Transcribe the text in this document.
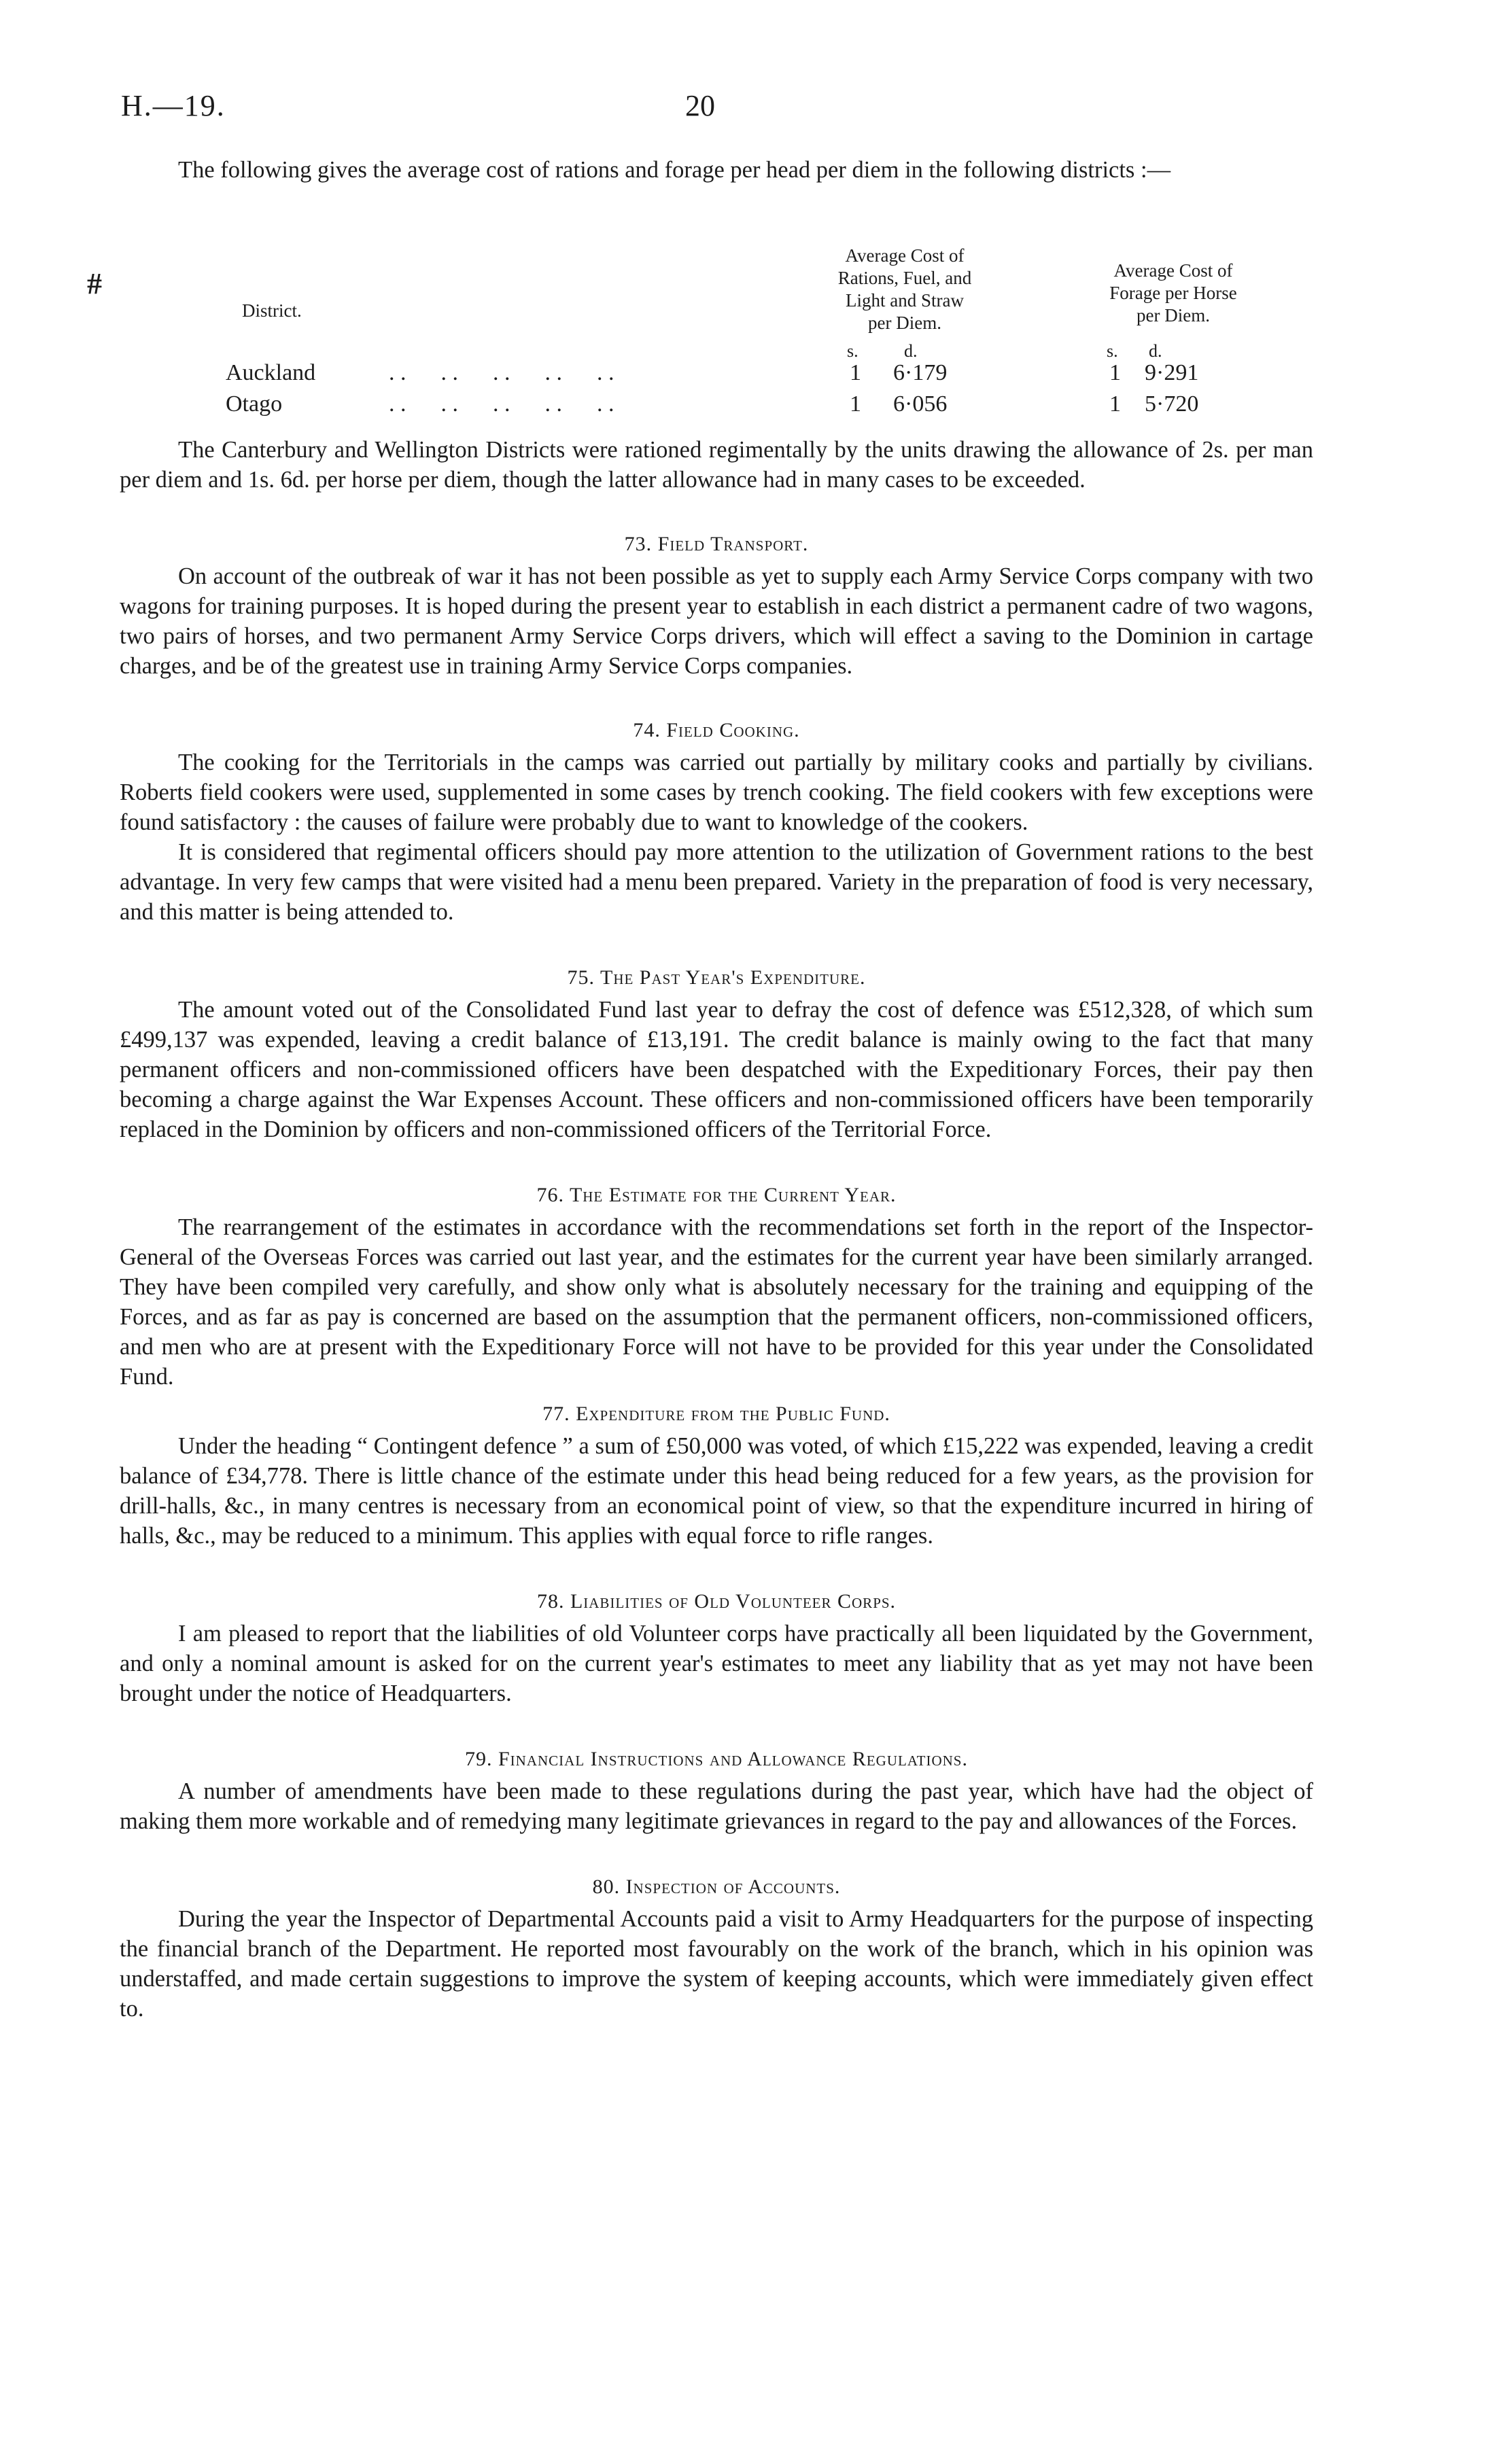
H.—19.	20
#

The following gives the average cost of rations and forage per head per diem in the following districts :—

Average Cost of
Rations, Fuel, and
Light and Straw
per Diem.
Average Cost of
Forage per Horse
per Diem.
District.
s.	d.	s. d.
Auckland	. .      . .      . .      . .      . .	1 6·179	1 9·291
Otago	. .      . .      . .      . .      . .	1 6·056	1 5·720

The Canterbury and Wellington Districts were rationed regimentally by the units drawing the allowance of 2s. per man per diem and 1s. 6d. per horse per diem, though the latter allowance had in many cases to be exceeded.

73. Field Transport.

On account of the outbreak of war it has not been possible as yet to supply each Army Service Corps company with two wagons for training purposes. It is hoped during the present year to establish in each district a permanent cadre of two wagons, two pairs of horses, and two permanent Army Service Corps drivers, which will effect a saving to the Dominion in cartage charges, and be of the greatest use in training Army Service Corps companies.

74. Field Cooking.

The cooking for the Territorials in the camps was carried out partially by military cooks and partially by civilians. Roberts field cookers were used, supplemented in some cases by trench cooking. The field cookers with few exceptions were found satisfactory : the causes of failure were probably due to want to knowledge of the cookers.

It is considered that regimental officers should pay more attention to the utilization of Government rations to the best advantage. In very few camps that were visited had a menu been prepared. Variety in the preparation of food is very necessary, and this matter is being attended to.

75. The Past Year's Expenditure.

The amount voted out of the Consolidated Fund last year to defray the cost of defence was £512,328, of which sum £499,137 was expended, leaving a credit balance of £13,191. The credit balance is mainly owing to the fact that many permanent officers and non-commissioned officers have been despatched with the Expeditionary Forces, their pay then becoming a charge against the War Expenses Account. These officers and non-commissioned officers have been temporarily replaced in the Dominion by officers and non-commissioned officers of the Territorial Force.

76. The Estimate for the Current Year.

The rearrangement of the estimates in accordance with the recommendations set forth in the report of the Inspector-General of the Overseas Forces was carried out last year, and the estimates for the current year have been similarly arranged. They have been compiled very carefully, and show only what is absolutely necessary for the training and equipping of the Forces, and as far as pay is concerned are based on the assumption that the permanent officers, non-commissioned officers, and men who are at present with the Expeditionary Force will not have to be provided for this year under the Consolidated Fund.

77. Expenditure from the Public Fund.

Under the heading “ Contingent defence ” a sum of £50,000 was voted, of which £15,222 was expended, leaving a credit balance of £34,778. There is little chance of the estimate under this head being reduced for a few years, as the provision for drill-halls, &c., in many centres is necessary from an economical point of view, so that the expenditure incurred in hiring of halls, &c., may be reduced to a minimum. This applies with equal force to rifle ranges.

78. Liabilities of Old Volunteer Corps.

I am pleased to report that the liabilities of old Volunteer corps have practically all been liquidated by the Government, and only a nominal amount is asked for on the current year's estimates to meet any liability that as yet may not have been brought under the notice of Headquarters.

79. Financial Instructions and Allowance Regulations.

A number of amendments have been made to these regulations during the past year, which have had the object of making them more workable and of remedying many legitimate grievances in regard to the pay and allowances of the Forces.

80. Inspection of Accounts.

During the year the Inspector of Departmental Accounts paid a visit to Army Headquarters for the purpose of inspecting the financial branch of the Department. He reported most favourably on the work of the branch, which in his opinion was understaffed, and made certain suggestions to improve the system of keeping accounts, which were immediately given effect to.
